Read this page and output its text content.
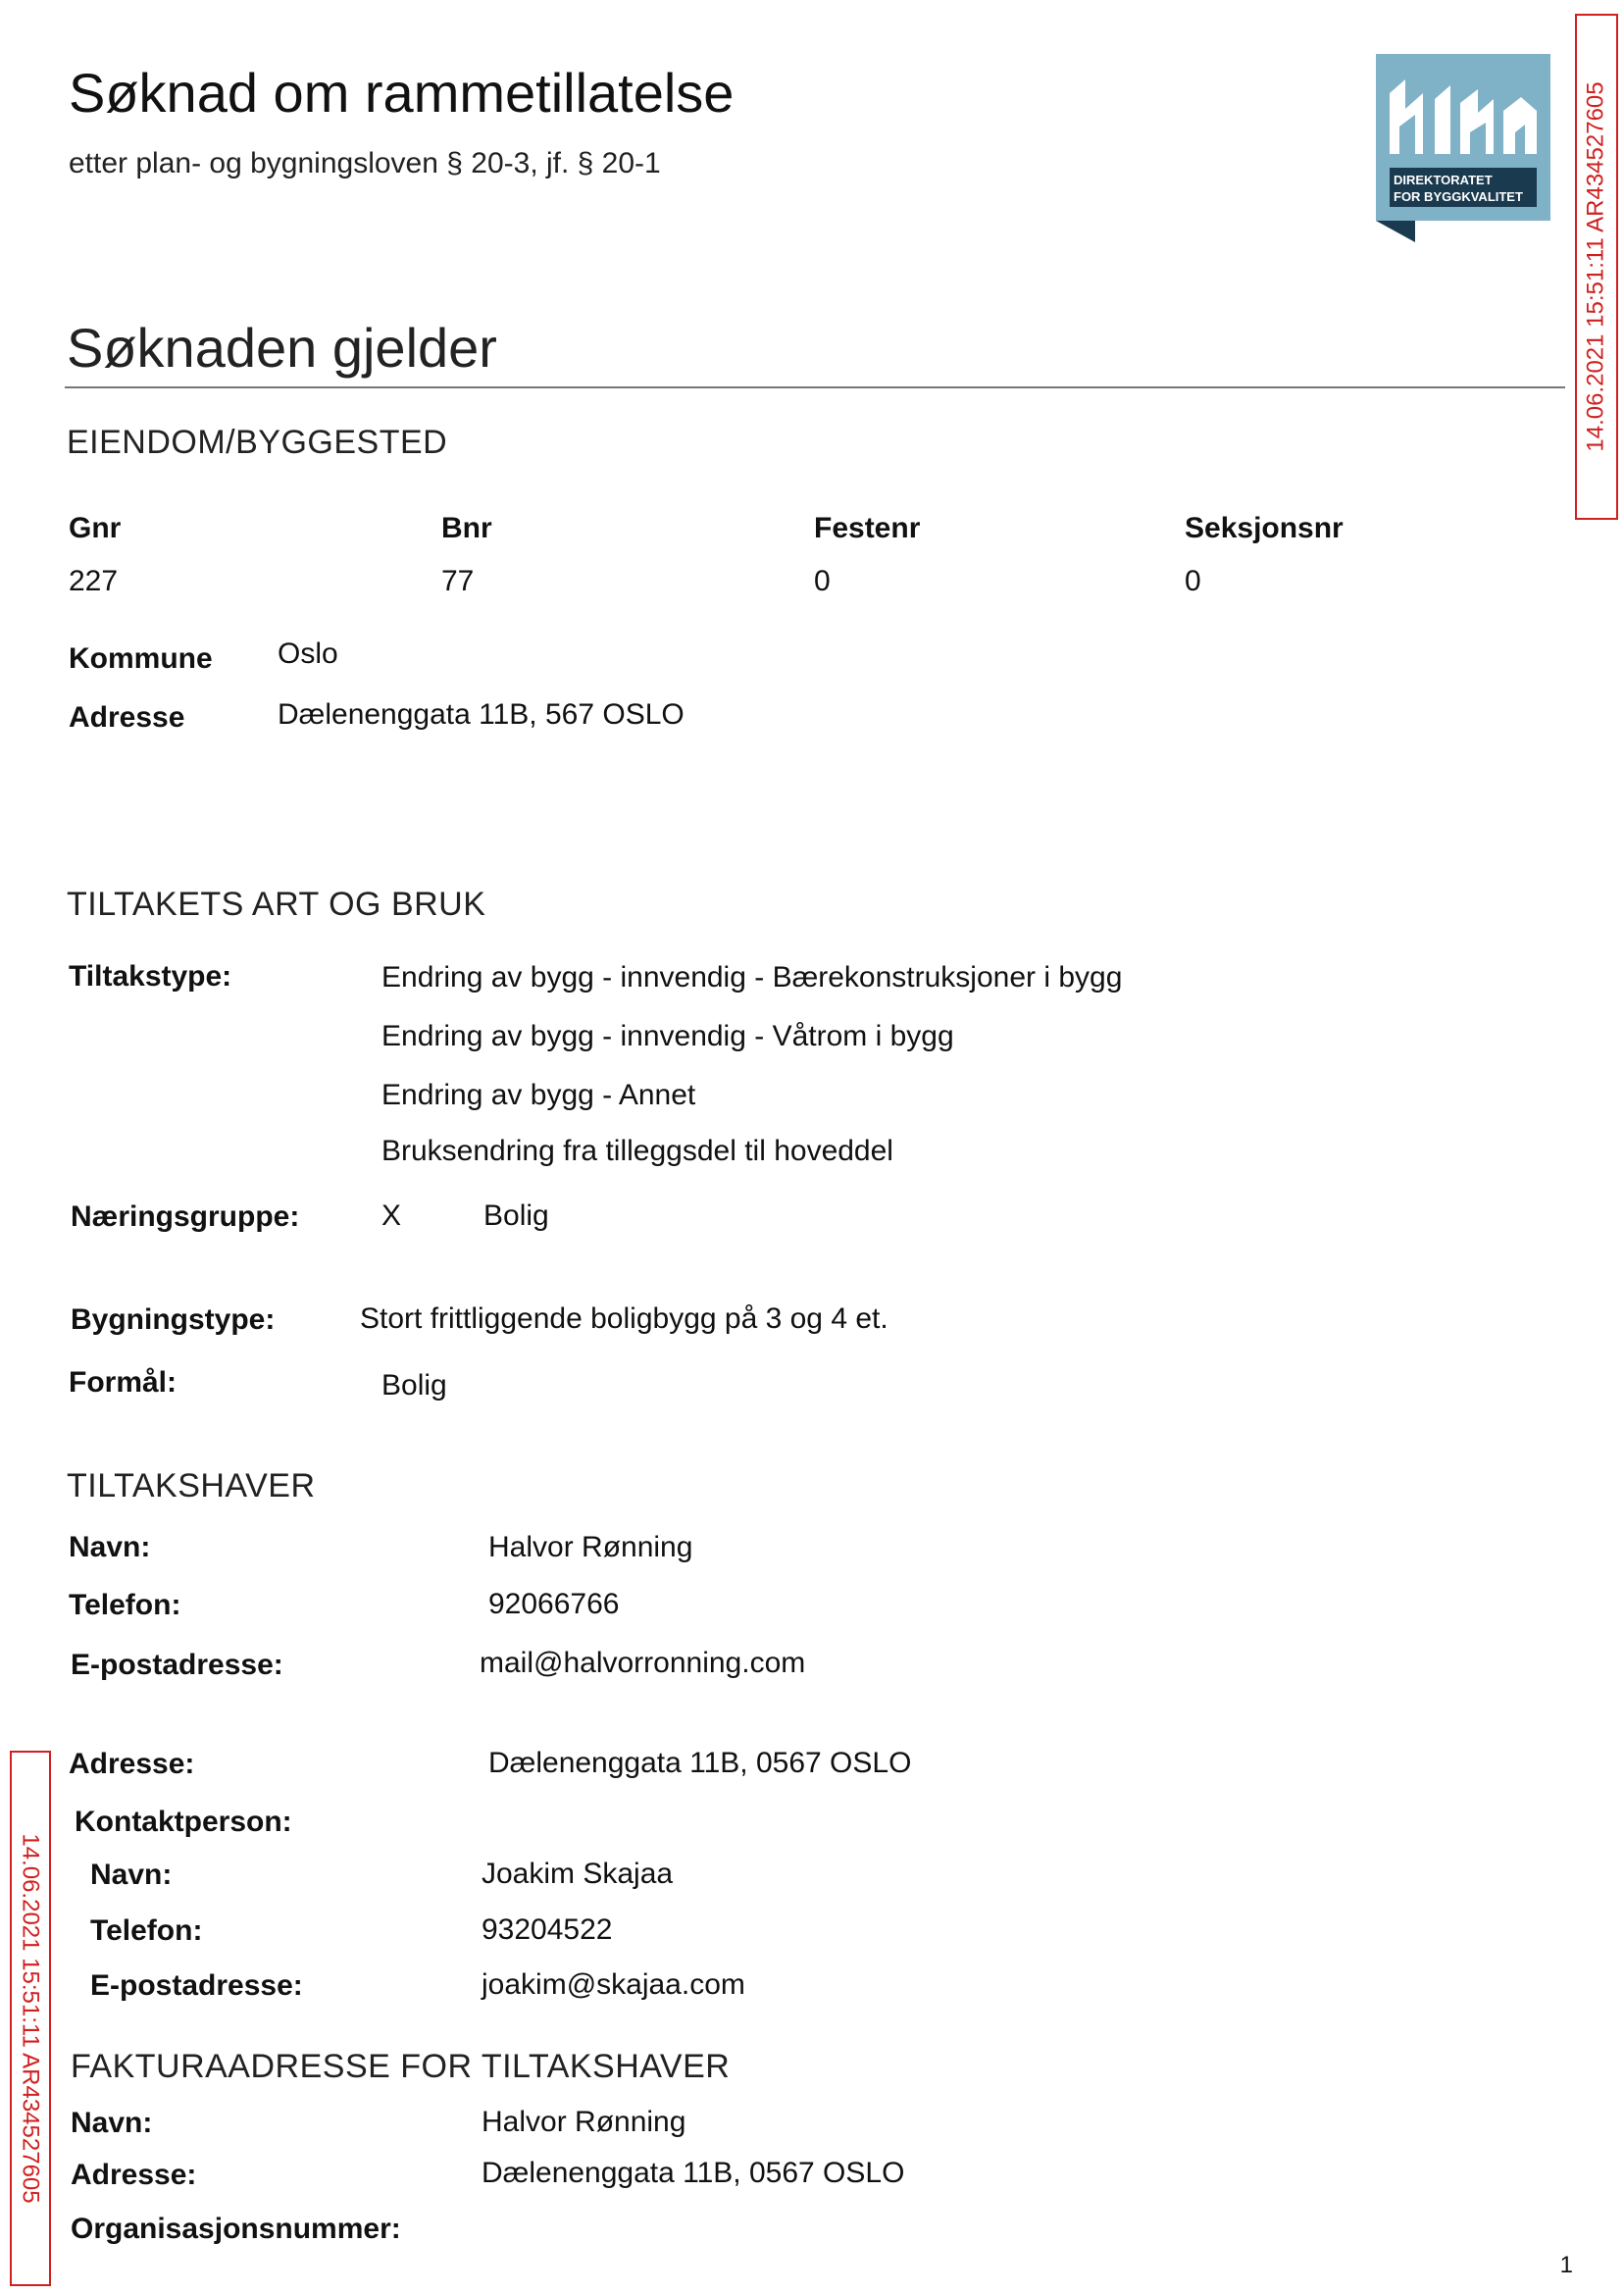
Søknad om rammetillatelse
etter plan- og bygningsloven § 20-3, jf. § 20-1
DIREKTORATET
FOR BYGGKVALITET	14.06.2021 15:51:11 AR434527605
14.06.2021 15:51:11 AR434527605
Søknaden gjelder
EIENDOM/BYGGESTED
Gnr	Bnr	Festenr	Seksjonsnr
227	77	0	0
Kommune Oslo
Adresse	Dælenenggata 11B, 567 OSLO
TILTAKETS ART OG BRUK
Tiltakstype:	Endring av bygg - innvendig - Bærekonstruksjoner i bygg
Endring av bygg - innvendig - Våtrom i bygg
Endring av bygg - Annet
Bruksendring fra tilleggsdel til hoveddel
Næringsgruppe:	X	Bolig
Bygningstype:	Stort frittliggende boligbygg på 3 og 4 et.
Formål:	Bolig
TILTAKSHAVER
Navn:	Halvor Rønning
Telefon:	92066766
E-postadresse:	mail@halvorronning.com
Adresse:	Dælenenggata 11B, 0567 OSLO
Kontaktperson:
Navn:	Joakim Skajaa
Telefon:	93204522
E-postadresse:	joakim@skajaa.com
FAKTURAADRESSE FOR TILTAKSHAVER
Navn:	Halvor Rønning
Adresse:	Dælenenggata 11B, 0567 OSLO
Organisasjonsnummer:
1
